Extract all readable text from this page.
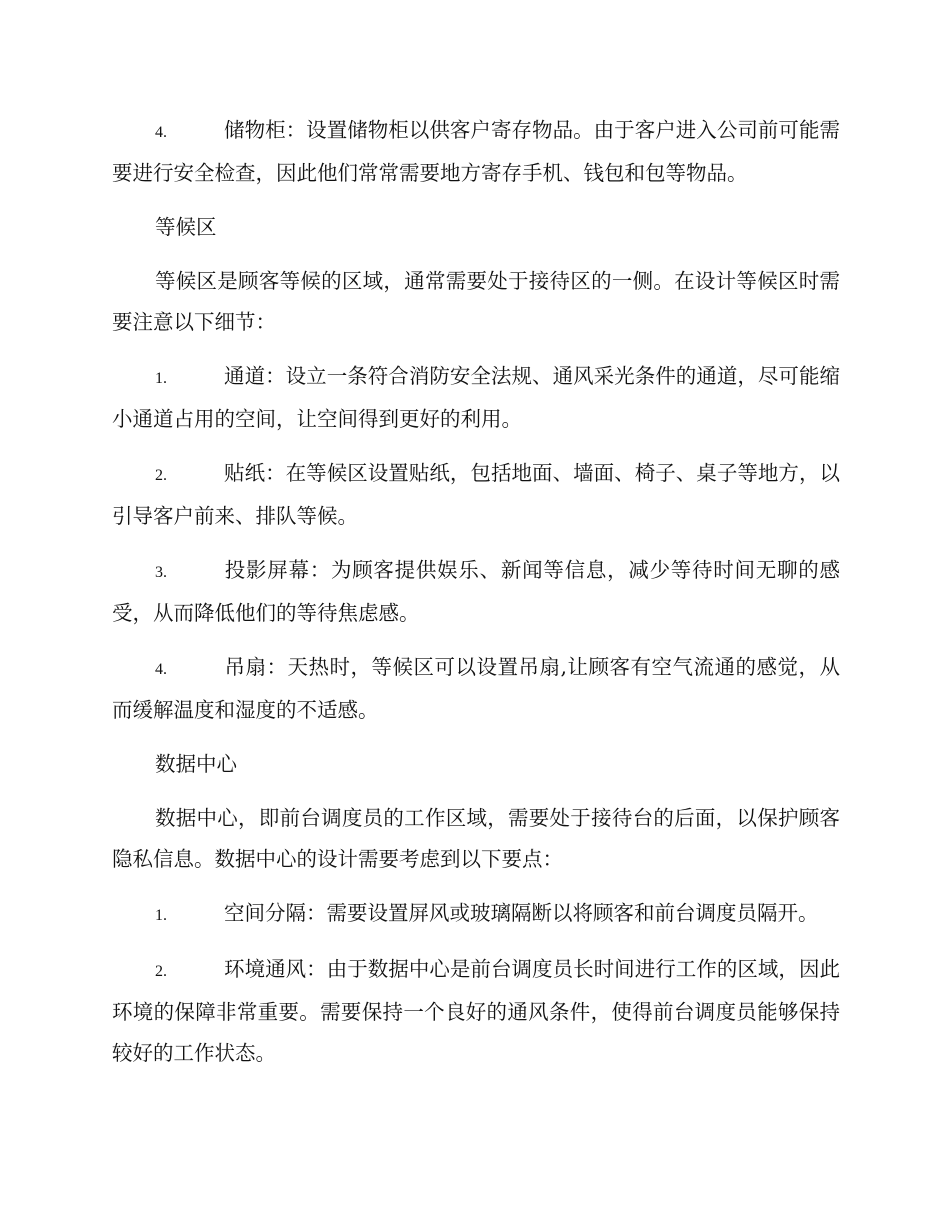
4.	储物柜：设置储物柜以供客户寄存物品。由于客户进入公司前可能需要进行安全检查，因此他们常常需要地方寄存手机、钱包和包等物品。

等候区

等候区是顾客等候的区域，通常需要处于接待区的一侧。在设计等候区时需要注意以下细节：

1.	通道：设立一条符合消防安全法规、通风采光条件的通道，尽可能缩小通道占用的空间，让空间得到更好的利用。

2.	贴纸：在等候区设置贴纸，包括地面、墙面、椅子、桌子等地方，以引导客户前来、排队等候。

3.	投影屏幕：为顾客提供娱乐、新闻等信息，减少等待时间无聊的感受，从而降低他们的等待焦虑感。

4.	吊扇：天热时，等候区可以设置吊扇,让顾客有空气流通的感觉，从而缓解温度和湿度的不适感。

数据中心

数据中心，即前台调度员的工作区域，需要处于接待台的后面，以保护顾客隐私信息。数据中心的设计需要考虑到以下要点：

1.	空间分隔：需要设置屏风或玻璃隔断以将顾客和前台调度员隔开。

2.	环境通风：由于数据中心是前台调度员长时间进行工作的区域，因此环境的保障非常重要。需要保持一个良好的通风条件，使得前台调度员能够保持较好的工作状态。
